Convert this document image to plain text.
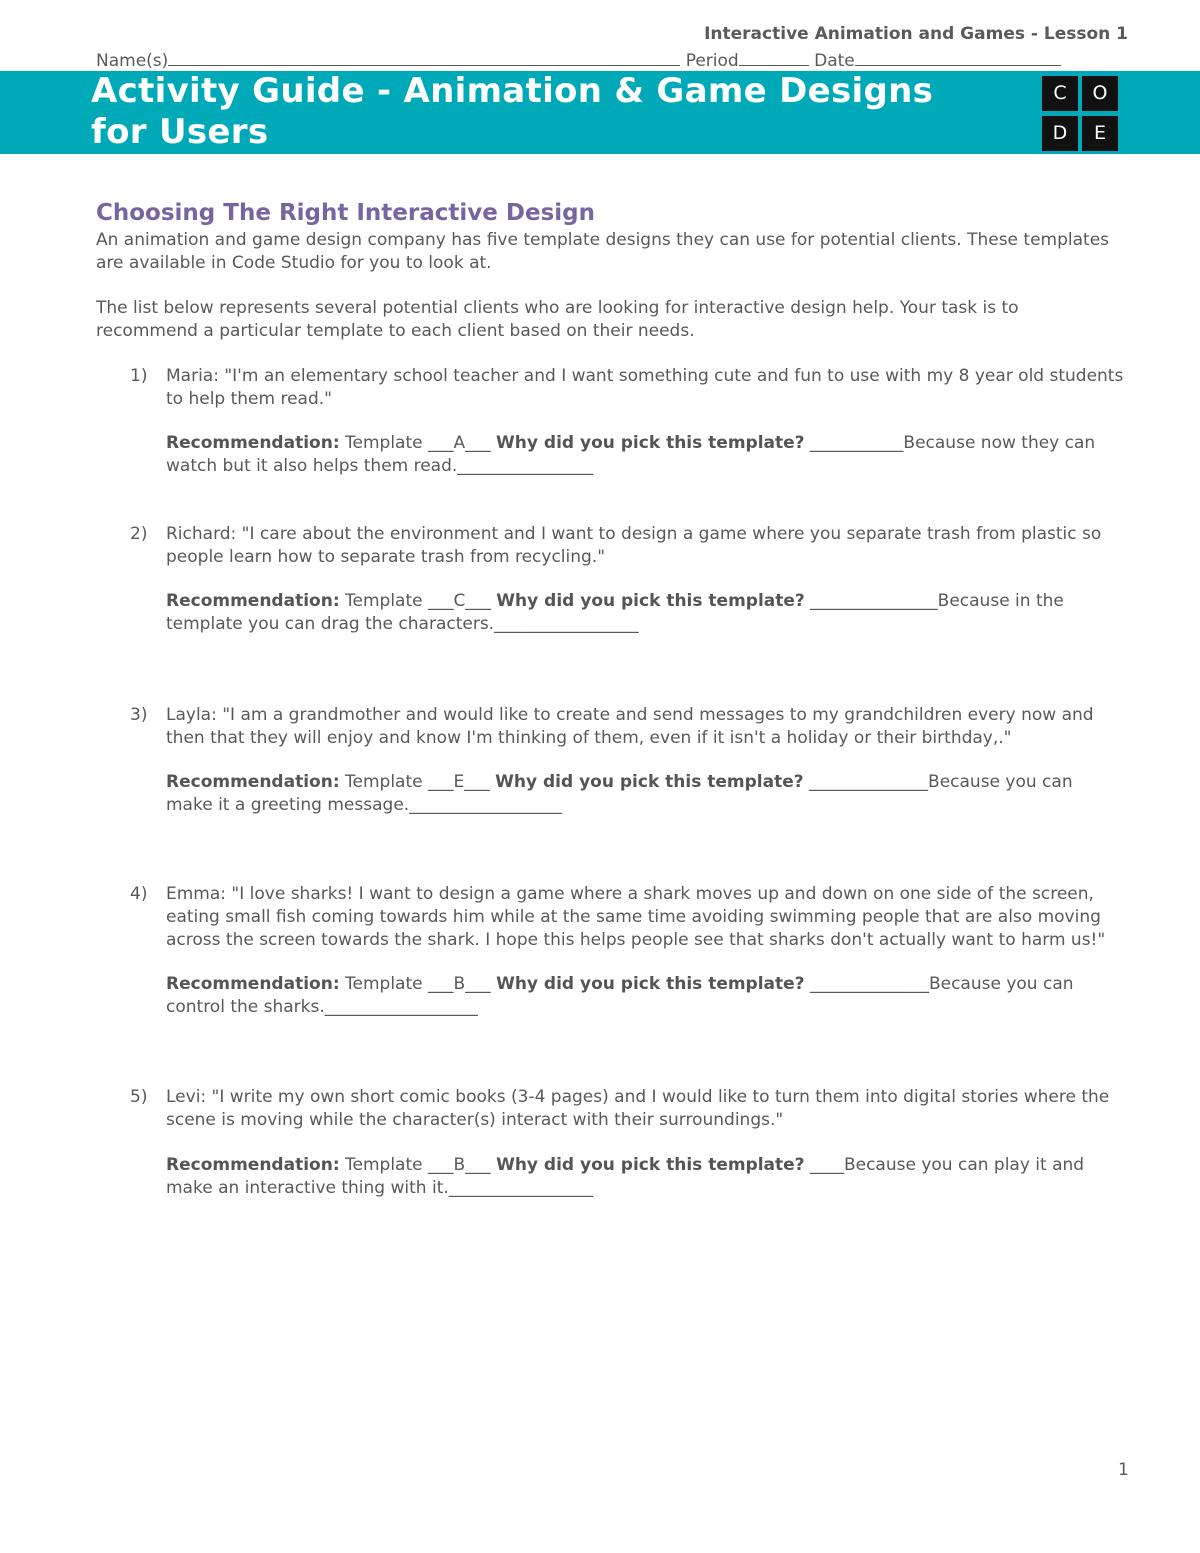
Interactive Animation and Games - Lesson 1
Name(s)	Period	Date
Activity Guide - Animation & Game Designs
for Users
C	O
D	E
Choosing The Right Interactive Design
An animation and game design company has five template designs they can use for potential clients. These templates
are available in Code Studio for you to look at.
The list below represents several potential clients who are looking for interactive design help. Your task is to
recommend a particular template to each client based on their needs.
1) Maria: "I'm an elementary school teacher and I want something cute and fun to use with my 8 year old students
to help them read."
Recommendation: Template ___A___ Why did you pick this template? ___________Because now they can
watch but it also helps them read.________________
2) Richard: "I care about the environment and I want to design a game where you separate trash from plastic so
people learn how to separate trash from recycling."
Recommendation: Template ___C___ Why did you pick this template? _______________Because in the
template you can drag the characters._________________
3) Layla: "I am a grandmother and would like to create and send messages to my grandchildren every now and
then that they will enjoy and know I'm thinking of them, even if it isn't a holiday or their birthday,."
Recommendation: Template ___E___ Why did you pick this template? ______________Because you can
make it a greeting message.__________________
4) Emma: "I love sharks! I want to design a game where a shark moves up and down on one side of the screen,
eating small fish coming towards him while at the same time avoiding swimming people that are also moving
across the screen towards the shark. I hope this helps people see that sharks don't actually want to harm us!"
Recommendation: Template ___B___ Why did you pick this template? ______________Because you can
control the sharks.__________________
5) Levi: "I write my own short comic books (3-4 pages) and I would like to turn them into digital stories where the
scene is moving while the character(s) interact with their surroundings."
Recommendation: Template ___B___ Why did you pick this template? ____Because you can play it and
make an interactive thing with it._________________
1
